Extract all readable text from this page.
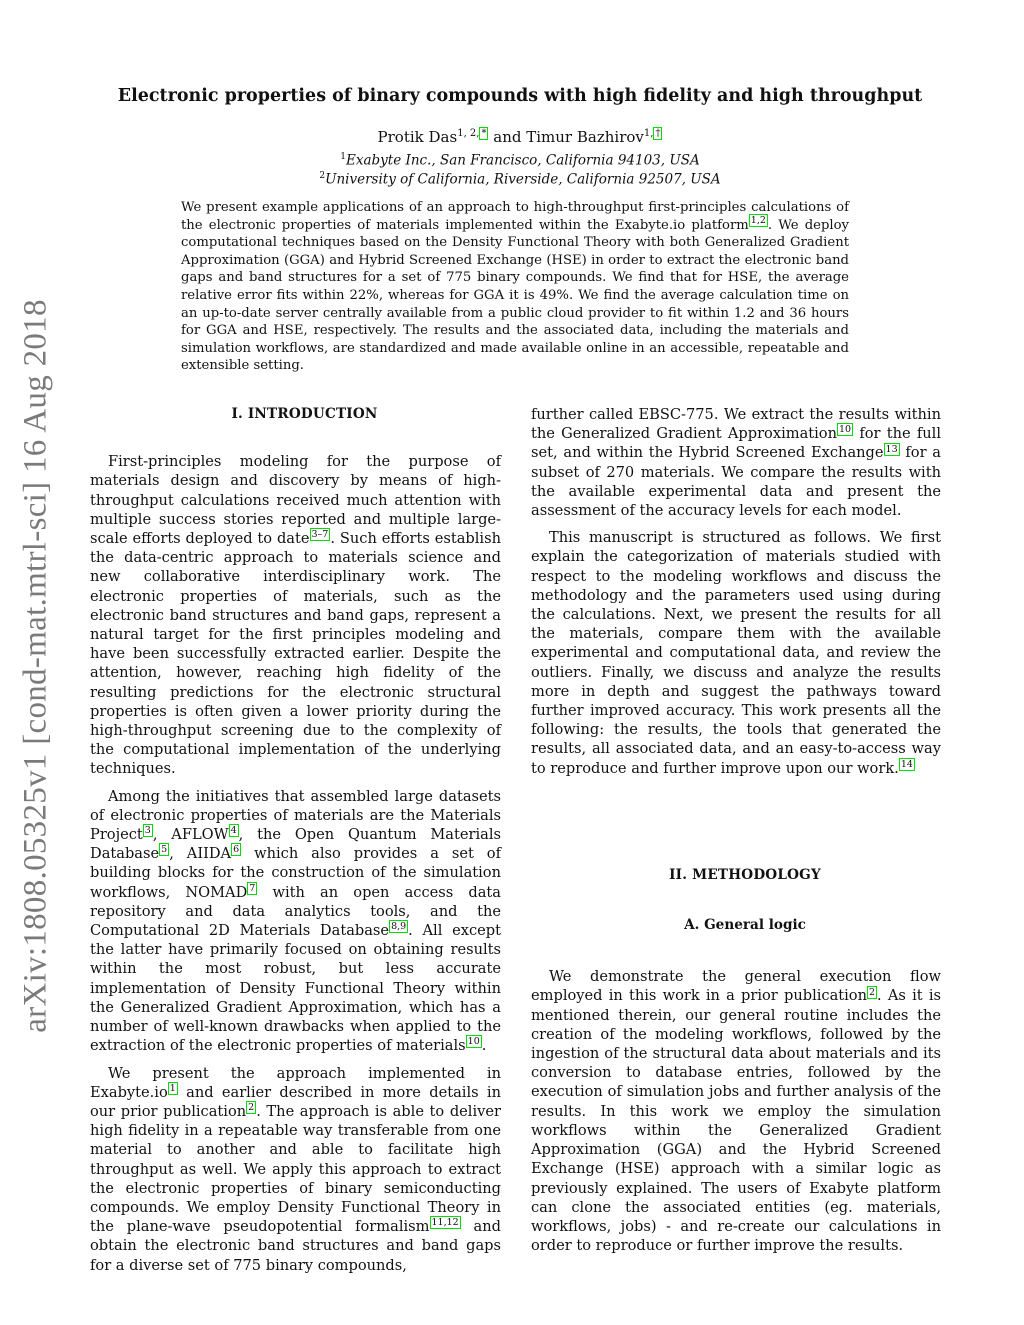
arXiv:1808.05325v1 [cond-mat.mtrl-sci] 16 Aug 2018
Electronic properties of binary compounds with high fidelity and high throughput
Protik Das$^{1, 2,}$ * and Timur Bazhirov$^{1,}$ †
$^1$Exabyte Inc., San Francisco, California 94103, USA
$^2$University of California, Riverside, California 92507, USA
We present example applications of an approach to high-throughput first-principles calculations of the electronic properties of materials implemented within the Exabyte.io platform $^{1,2}$ . We deploy computational techniques based on the Density Functional Theory with both Generalized Gradient Approximation (GGA) and Hybrid Screened Exchange (HSE) in order to extract the electronic band gaps and band structures for a set of 775 binary compounds. We find that for HSE, the average relative error fits within 22%, whereas for GGA it is 49%. We find the average calculation time on an up-to-date server centrally available from a public cloud provider to fit within 1.2 and 36 hours for GGA and HSE, respectively. The results and the associated data, including the materials and simulation workflows, are standardized and made available online in an accessible, repeatable and extensible setting.

I. INTRODUCTION

First-principles modeling for the purpose of materials design and discovery by means of high-throughput calculations received much attention with multiple success stories reported and multiple large-scale efforts deployed to date $^{3-7}$ . Such efforts establish the data-centric approach to materials science and new collaborative interdisciplinary work. The electronic properties of materials, such as the electronic band structures and band gaps, represent a natural target for the first principles modeling and have been successfully extracted earlier. Despite the attention, however, reaching high fidelity of the resulting predictions for the electronic structural properties is often given a lower priority during the high-throughput screening due to the complexity of the computational implementation of the underlying techniques.

Among the initiatives that assembled large datasets of electronic properties of materials are the Materials Project $^3$ , AFLOW $^4$ , the Open Quantum Materials Database $^5$ , AIIDA $^6$ which also provides a set of building blocks for the construction of the simulation workflows, NOMAD $^7$ with an open access data repository and data analytics tools, and the Computational 2D Materials Database $^{8,9}$ . All except the latter have primarily focused on obtaining results within the most robust, but less accurate implementation of Density Functional Theory within the Generalized Gradient Approximation, which has a number of well-known drawbacks when applied to the extraction of the electronic properties of materials $^{10}$ .

We present the approach implemented in Exabyte.io $^1$ and earlier described in more details in our prior publication $^2$ . The approach is able to deliver high fidelity in a repeatable way transferable from one material to another and able to facilitate high throughput as well. We apply this approach to extract the electronic properties of binary semiconducting compounds. We employ Density Functional Theory in the plane-wave pseudopotential formalism $^{11,12}$ and obtain the electronic band structures and band gaps for a diverse set of 775 binary compounds,

further called EBSC-775. We extract the results within the Generalized Gradient Approximation $^{10}$ for the full set, and within the Hybrid Screened Exchange $^{13}$ for a subset of 270 materials. We compare the results with the available experimental data and present the assessment of the accuracy levels for each model.

This manuscript is structured as follows. We first explain the categorization of materials studied with respect to the modeling workflows and discuss the methodology and the parameters used using during the calculations. Next, we present the results for all the materials, compare them with the available experimental and computational data, and review the outliers. Finally, we discuss and analyze the results more in depth and suggest the pathways toward further improved accuracy. This work presents all the following: the results, the tools that generated the results, all associated data, and an easy-to-access way to reproduce and further improve upon our work. $^{14}$

II. METHODOLOGY

A. General logic

We demonstrate the general execution flow employed in this work in a prior publication $^2$ . As it is mentioned therein, our general routine includes the creation of the modeling workflows, followed by the ingestion of the structural data about materials and its conversion to database entries, followed by the execution of simulation jobs and further analysis of the results. In this work we employ the simulation workflows within the Generalized Gradient Approximation (GGA) and the Hybrid Screened Exchange (HSE) approach with a similar logic as previously explained. The users of Exabyte platform can clone the associated entities (eg. materials, workflows, jobs) - and re-create our calculations in order to reproduce or further improve the results.
